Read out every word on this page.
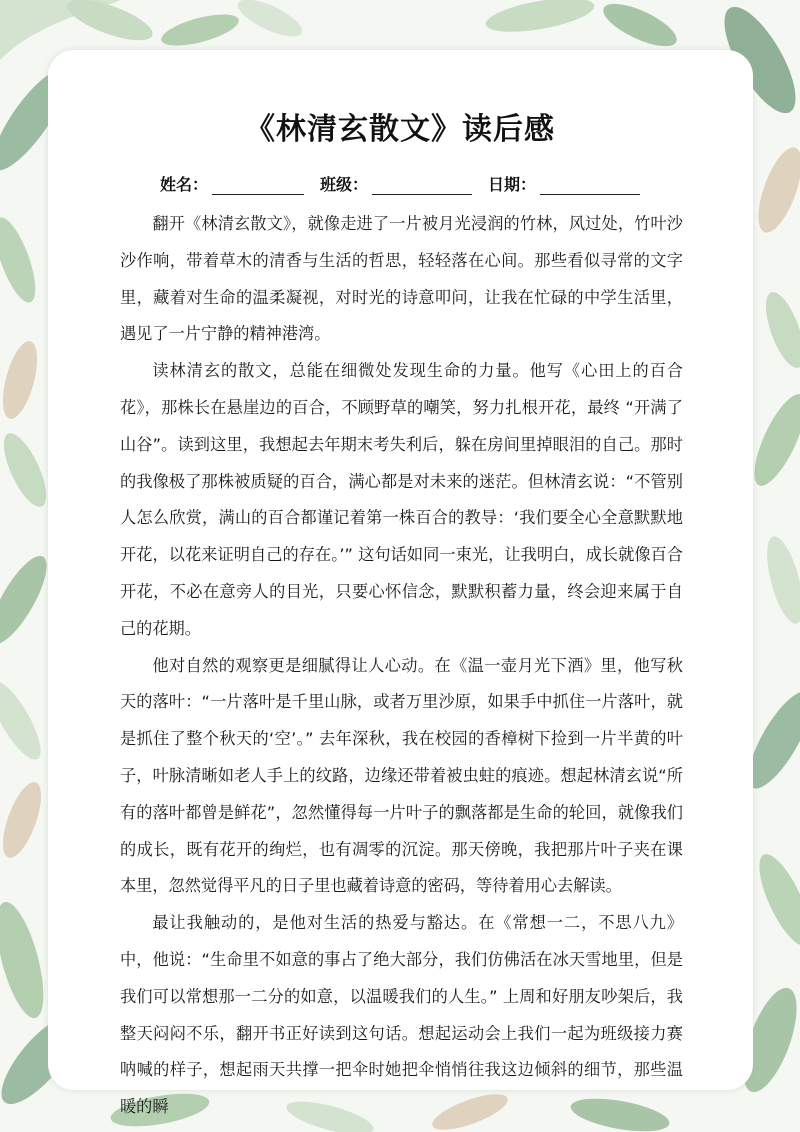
《林清玄散文》读后感
姓名：	班级：	日期：

翻开《林清玄散文》，就像走进了一片被月光浸润的竹林，风过处，竹叶沙沙作响，带着草木的清香与生活的哲思，轻轻落在心间。那些看似寻常的文字里，藏着对生命的温柔凝视，对时光的诗意叩问，让我在忙碌的中学生活里，遇见了一片宁静的精神港湾。

读林清玄的散文，总能在细微处发现生命的力量。他写《心田上的百合花》，那株长在悬崖边的百合，不顾野草的嘲笑，努力扎根开花，最终 “开满了山谷”。读到这里，我想起去年期末考失利后，躲在房间里掉眼泪的自己。那时的我像极了那株被质疑的百合，满心都是对未来的迷茫。但林清玄说：“不管别人怎么欣赏，满山的百合都谨记着第一株百合的教导：‘我们要全心全意默默地开花，以花来证明自己的存在。’” 这句话如同一束光，让我明白，成长就像百合开花，不必在意旁人的目光，只要心怀信念，默默积蓄力量，终会迎来属于自己的花期。

他对自然的观察更是细腻得让人心动。在《温一壶月光下酒》里，他写秋天的落叶：“一片落叶是千里山脉，或者万里沙原，如果手中抓住一片落叶，就是抓住了整个秋天的‘空’。” 去年深秋，我在校园的香樟树下捡到一片半黄的叶子，叶脉清晰如老人手上的纹路，边缘还带着被虫蛀的痕迹。想起林清玄说“所有的落叶都曾是鲜花”，忽然懂得每一片叶子的飘落都是生命的轮回，就像我们的成长，既有花开的绚烂，也有凋零的沉淀。那天傍晚，我把那片叶子夹在课本里，忽然觉得平凡的日子里也藏着诗意的密码，等待着用心去解读。

最让我触动的，是他对生活的热爱与豁达。在《常想一二，不思八九》中，他说：“生命里不如意的事占了绝大部分，我们仿佛活在冰天雪地里，但是我们可以常想那一二分的如意，以温暖我们的人生。” 上周和好朋友吵架后，我整天闷闷不乐，翻开书正好读到这句话。想起运动会上我们一起为班级接力赛呐喊的样子，想起雨天共撑一把伞时她把伞悄悄往我这边倾斜的细节，那些温暖的瞬
